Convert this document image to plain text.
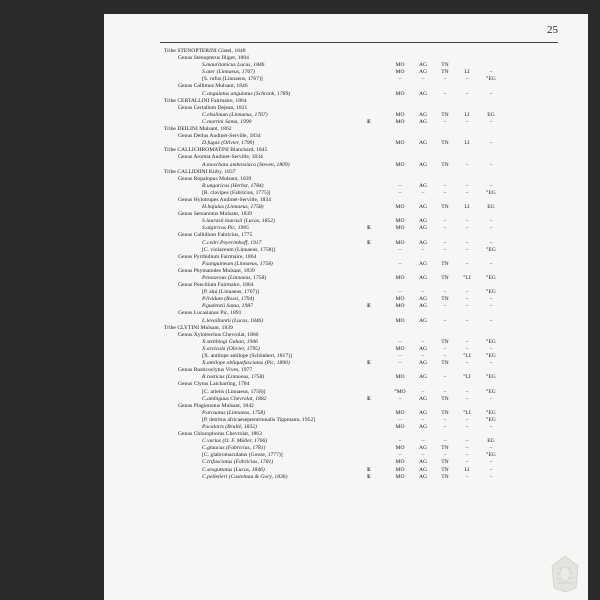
25
Tribe STENOPTERINI Gistel, 1848
Genus Stenopterus Illiger, 1804
S.mauritanicus Lucas, 1846	MO	AG	TN
S.ater (Linnaeus, 1767)	MO	AG	TN	LI	–
[S. rufus (Linnaeus, 1767)]	–	–	–	–	°EG
Genus Callimus Mulsant, 1846
C.angulatus angulatus (Schrank, 1789)	MO	AG	–	–	–
Tribe CERTALLINI Fairmaire, 1864
Genus Certallum Dejean, 1821
C.ebulinum (Linnaeus, 1767)	MO	AG	TN	LI	EG
C.martini Sama, 1990	E	MO	AG	–	–	–
Tribe DEILINI Mulsant, 1862
Genus Deilus Audinet-Serville, 1834
D.fugax (Olivier, 1790)	MO	AG	TN	LI	–
Tribe CALLICHROMATINI Blanchard, 1845
Genus Aromia Audinet-Serville, 1834
A.moschata ambrosiaca (Steven, 1809)	MO	AG	TN	–	–
Tribe CALLIDIINI Kirby, 1837
Genus Ropalopus Mulsant, 1839
R.ungaricus (Herbst, 1784)	–	AG	–	–	–
[R. clavipes (Fabricius, 1775)]	–	–	–	–	°EG
Genus Hylotrupes Audinet-Serville, 1834
H.bajulus (Linnaeus, 1758)	MO	AG	TN	LI	EG
Genus Semanotus Mulsant, 1839
S.laurasii laurasii (Lucas, 1852)	MO	AG	–	–	–
S.algiricus Pic, 1905	E	MO	AG	–	–	–
Genus Callidium Fabricius, 1775
C.cedri Peyerimhoff, 1917	E	MO	AG	–	–	–
[C. violaceum (Linnaeus, 1758)]	–	–	–	–	°EG
Genus Pyrrhidium Fairmaire, 1864
P.sanguineum (Linnaeus, 1758)	–	AG	TN	–	–
Genus Phymatodes Mulsant, 1839
P.testaceus (Linnaeus, 1758)	MO	AG	TN	°LI	°EG
Genus Poecilium Fairmaire, 1864
[P. alni (Linnaeus, 1767)]	–	–	–	–	°EG
P.lividum (Rossi, 1794)	MO	AG	TN	–	–
P.gudenzii Sama, 1987	E	MO	AG	–	–	–
Genus Lucasianus Pic, 1891
L.levaillantii (Lucas, 1846)	MO	AG	–	–	–
Tribe CLYTINI Mulsant, 1839
Genus Xylotrechus Chevrolat, 1860
X.stebbingi Gahan, 1906	–	–	TN	–	°EG
X.arvicola (Olivier, 1795)	MO	AG	–	–	–
[X. antilope antilope (Schönherr, 1817)]	–	–	–	°LI	°EG
X.antilope obliquefasciatus (Pic, 1890)	E	–	AG	TN	–	–
Genus Rusticoclytus Vives, 1977
R.rusticus (Linnaeus, 1758)	MO	AG	–	°LI	°EG
Genus Clytus Laicharting, 1784
[C. arietis (Linnaeus, 1758)]	°MO	–	–	–	°EG
C.ambiguus Chevrolat, 1882	E	–	AG	TN	–	–
Genus Plagionotus Mulsant, 1842
P.arcuatus (Linnaeus, 1758)	MO	AG	TN	°LI	°EG
[P. detritus africaeseptentrionalis Tippmann, 1952]	–	–	–	–	°EG
P.scalaris (Brullé, 1832)	MO	AG	–	–	–
Genus Chlorophorus Chevrolat, 1863
C.varius (O. F. Müller, 1766)	–	–	–	–	EG
C.glaucus (Fabricius, 1781)	MO	AG	TN	–	–
[C. glabromaculatus (Goeze, 1777)]	–	–	–	–	°EG
C.trifasciatus (Fabricius, 1781)	MO	AG	TN	–	–
C.sexguttatus (Lucas, 1846)	E	MO	AG	TN	LI	–
C.pelletieri (Castelnau & Gory, 1836)	E	MO	AG	TN	–	–
